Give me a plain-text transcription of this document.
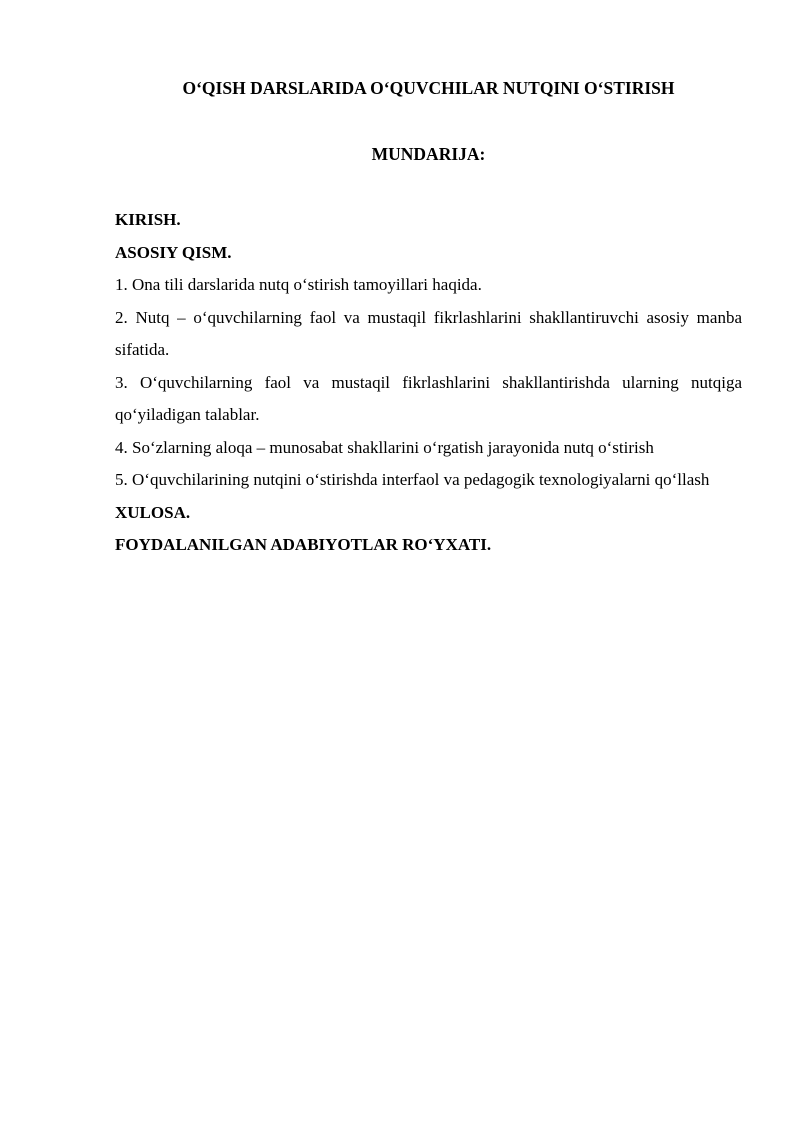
O‘QISH DARSLARIDA O‘QUVCHILAR NUTQINI O‘STIRISH
MUNDARIJA:

KIRISH.

ASOSIY QISM.

1. Ona tili darslarida nutq o‘stirish tamoyillari haqida.

2. Nutq – o‘quvchilarning faol va mustaqil fikrlashlarini shakllantiruvchi asosiy manba sifatida.

3. O‘quvchilarning faol va mustaqil fikrlashlarini shakllantirishda ularning nutqiga qo‘yiladigan talablar.

4. So‘zlarning aloqa – munosabat shakllarini o‘rgatish jarayonida nutq o‘stirish

5. O‘quvchilarining nutqini o‘stirishda interfaol va pedagogik texnologiyalarni qo‘llash

XULOSA.

FOYDALANILGAN ADABIYOTLAR RO‘YXATI.
